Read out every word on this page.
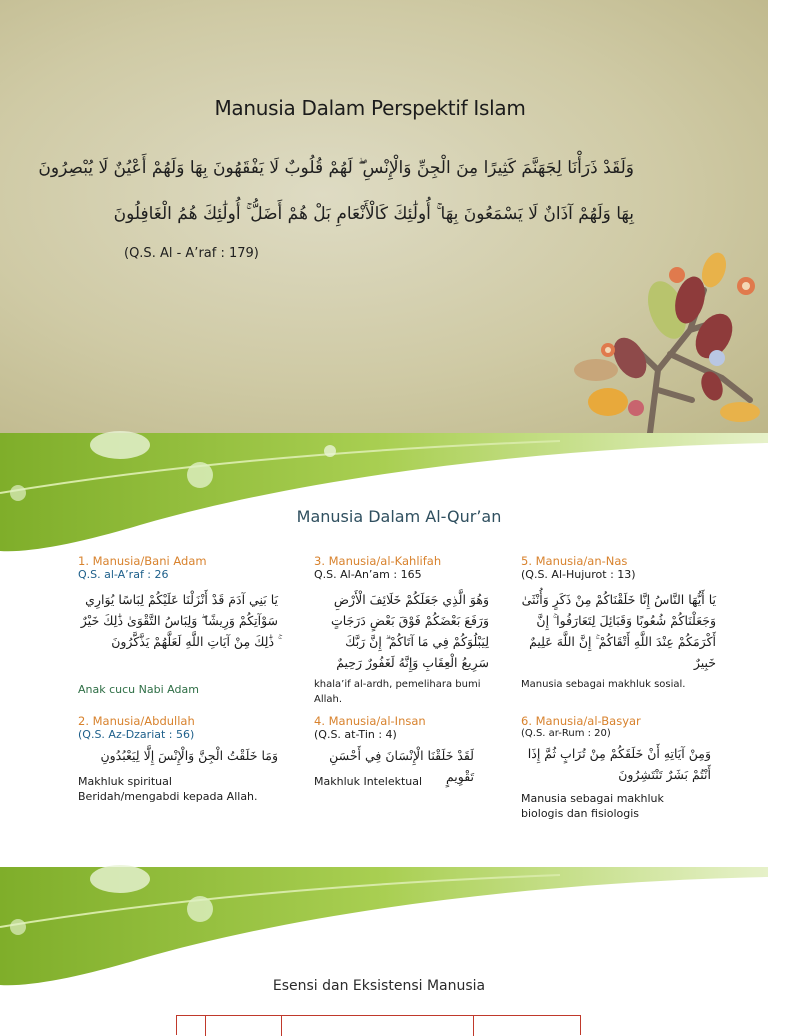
Manusia Dalam Perspektif Islam
وَلَقَدْ ذَرَأْنَا لِجَهَنَّمَ كَثِيرًا مِنَ الْجِنِّ وَالْإِنْسِ ۖ لَهُمْ قُلُوبٌ لَا يَفْقَهُونَ بِهَا وَلَهُمْ أَعْيُنٌ لَا يُبْصِرُونَ
بِهَا وَلَهُمْ آذَانٌ لَا يَسْمَعُونَ بِهَا ۚ أُولَٰئِكَ كَالْأَنْعَامِ بَلْ هُمْ أَضَلُّ ۚ أُولَٰئِكَ هُمُ الْغَافِلُونَ
(Q.S. Al - A’raf : 179)
Manusia Dalam Al-Qur’an
1. Manusia/Bani Adam
Q.S. al-A’raf : 26
يَا بَنِي آدَمَ قَدْ أَنْزَلْنَا عَلَيْكُمْ لِبَاسًا يُوَارِي سَوْآتِكُمْ وَرِيشًا ۖ وَلِبَاسُ التَّقْوَىٰ ذَٰلِكَ خَيْرٌ ۚ ذَٰلِكَ مِنْ آيَاتِ اللَّهِ لَعَلَّهُمْ يَذَّكَّرُونَ
Anak cucu Nabi Adam
3. Manusia/al-Kahlifah
Q.S. Al-An’am : 165
وَهُوَ الَّذِي جَعَلَكُمْ خَلَائِفَ الْأَرْضِ وَرَفَعَ بَعْضَكُمْ فَوْقَ بَعْضٍ دَرَجَاتٍ لِيَبْلُوَكُمْ فِي مَا آتَاكُمْ ۗ إِنَّ رَبَّكَ سَرِيعُ الْعِقَابِ وَإِنَّهُ لَغَفُورٌ رَحِيمٌ
khala’if al-ardh, pemelihara bumi Allah.
5. Manusia/an-Nas
(Q.S. Al-Hujurot : 13)
يَا أَيُّهَا النَّاسُ إِنَّا خَلَقْنَاكُمْ مِنْ ذَكَرٍ وَأُنْثَىٰ وَجَعَلْنَاكُمْ شُعُوبًا وَقَبَائِلَ لِتَعَارَفُوا ۚ إِنَّ أَكْرَمَكُمْ عِنْدَ اللَّهِ أَتْقَاكُمْ ۚ إِنَّ اللَّهَ عَلِيمٌ خَبِيرٌ
Manusia sebagai makhluk sosial.
2. Manusia/Abdullah
(Q.S. Az-Dzariat : 56)
وَمَا خَلَقْتُ الْجِنَّ وَالْإِنْسَ إِلَّا لِيَعْبُدُونِ
Makhluk spiritual
Beridah/mengabdi kepada Allah.
4. Manusia/al-Insan
(Q.S. at-Tin : 4)
لَقَدْ خَلَقْنَا الْإِنْسَانَ فِي أَحْسَنِ تَقْوِيمٍ
Makhluk Intelektual
6. Manusia/al-Basyar
(Q.S. ar-Rum : 20)
وَمِنْ آيَاتِهِ أَنْ خَلَقَكُمْ مِنْ تُرَابٍ ثُمَّ إِذَا أَنْتُمْ بَشَرٌ تَنْتَشِرُونَ
Manusia sebagai makhluk
biologis dan fisiologis
Esensi dan Eksistensi Manusia
